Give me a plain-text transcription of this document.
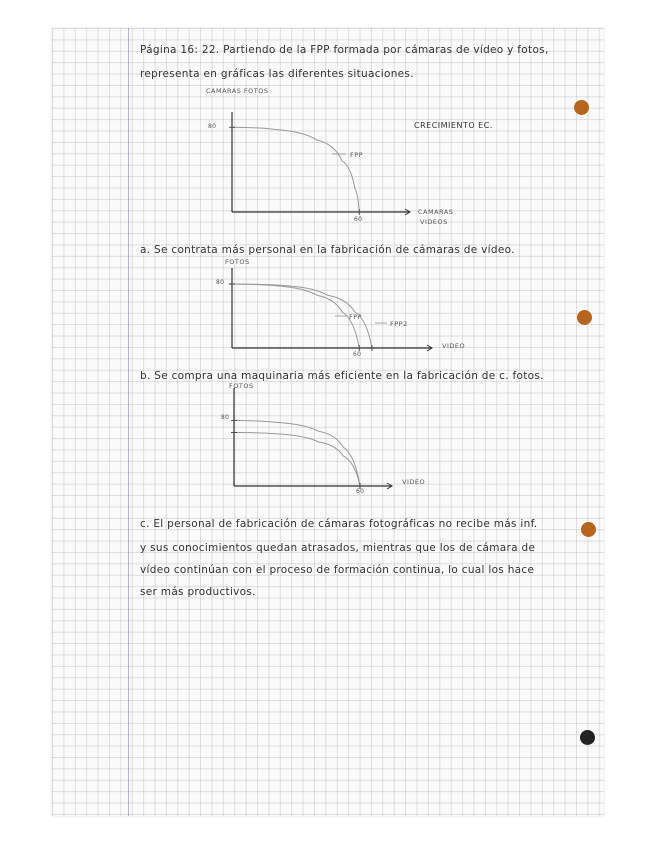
Página 16: 22. Partiendo de la FPP formada por cámaras de vídeo y fotos,
representa en gráficas las diferentes situaciones.
CAMARAS FOTOS
80
60
CAMARAS
VIDEOS
FPP
CRECIMIENTO EC.
a. Se contrata más personal en la fabricación de cámaras de vídeo.
FOTOS
80
60
VIDEO
FPP
FPP2
b. Se compra una maquinaria más eficiente en la fabricación de c. fotos.
FOTOS
80
60
VIDEO
c. El personal de fabricación de cámaras fotográficas no recibe más inf.
y sus conocimientos quedan atrasados, mientras que los de cámara de
vídeo continúan con el proceso de formación continua, lo cual los hace
ser más productivos.
